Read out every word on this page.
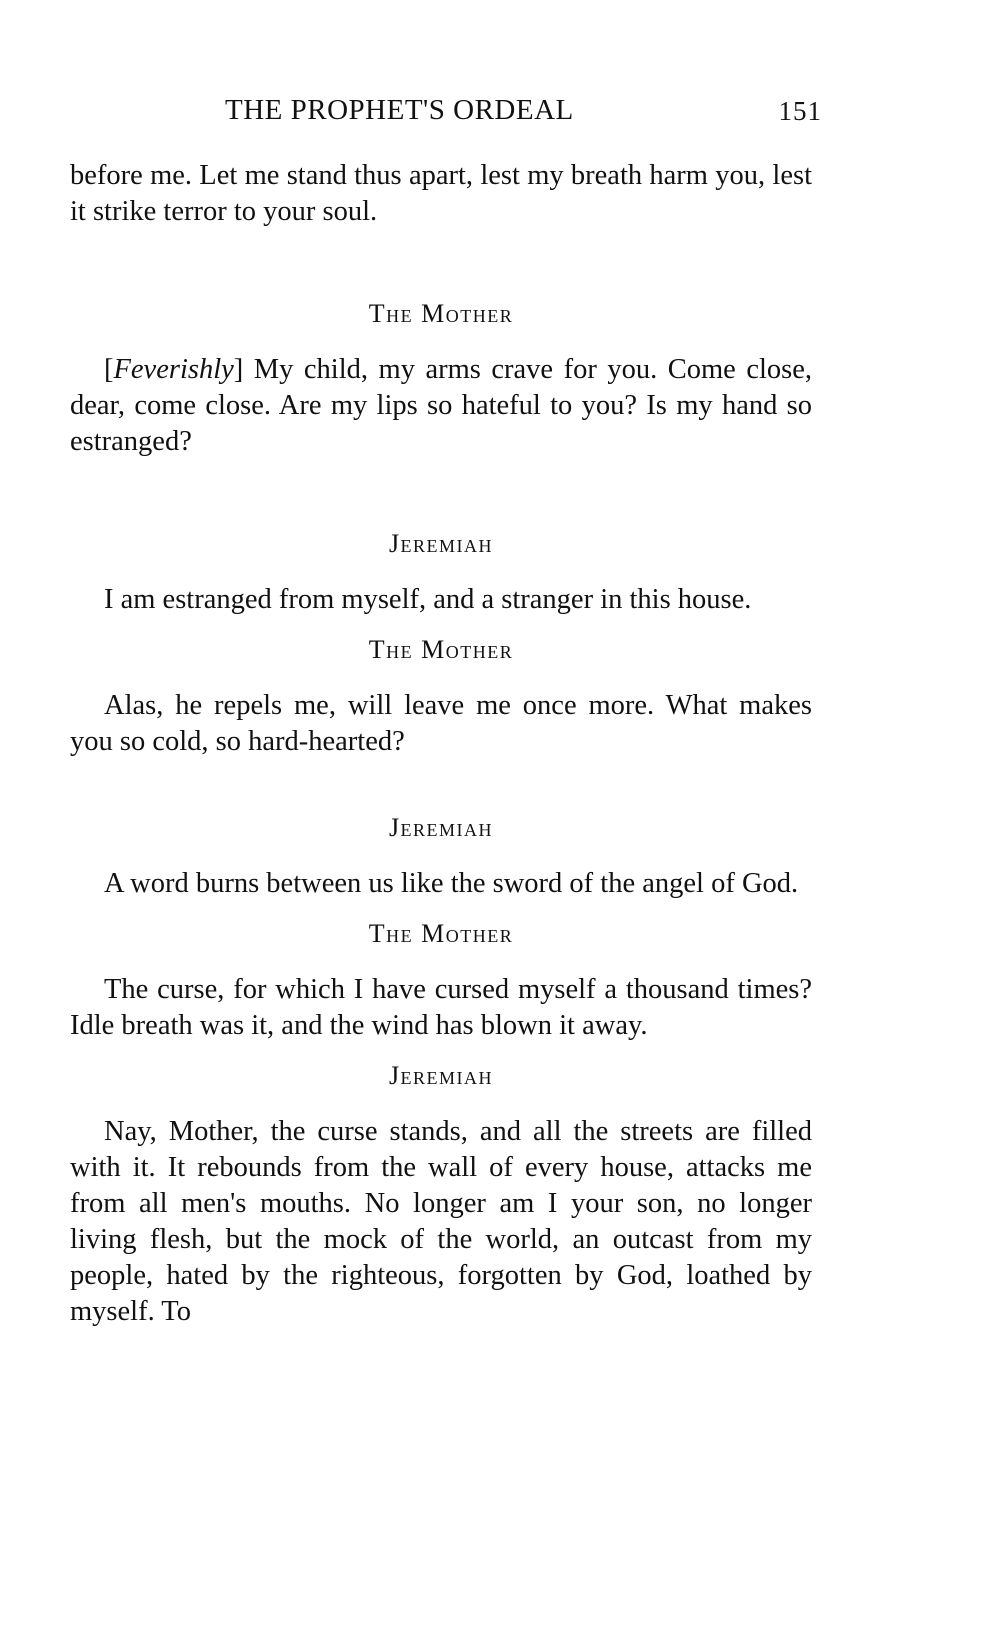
THE PROPHET'S ORDEAL	151

before me. Let me stand thus apart, lest my breath harm you, lest it strike terror to your soul.

The Mother

[Feverishly] My child, my arms crave for you. Come close, dear, come close. Are my lips so hateful to you? Is my hand so estranged?

Jeremiah

I am estranged from myself, and a stranger in this house.

The Mother

Alas, he repels me, will leave me once more. What makes you so cold, so hard-hearted?

Jeremiah

A word burns between us like the sword of the angel of God.

The Mother

The curse, for which I have cursed myself a thousand times? Idle breath was it, and the wind has blown it away.

Jeremiah

Nay, Mother, the curse stands, and all the streets are filled with it. It rebounds from the wall of every house, attacks me from all men's mouths. No longer am I your son, no longer living flesh, but the mock of the world, an outcast from my people, hated by the righteous, forgotten by God, loathed by myself. To
